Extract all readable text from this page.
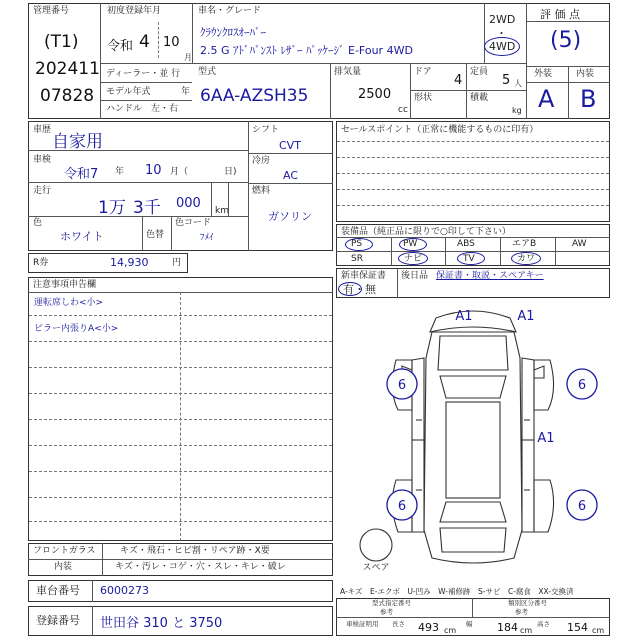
管理番号
(T1)
202411
07828
初度登録年月
令和 4 10
月
ディーラー・並 行
モデル年式	年
ハンドル　左・右
車名・グレード
ｸﾗｳﾝｸﾛｽｵｰﾊﾞｰ
2.5 G ｱﾄﾞﾊﾞﾝｽﾄ ﾚｻﾞｰ ﾊﾟｯｹｰｼﾞ E-Four 4WD
2WD
・
4WD
評 価 点
(5)
外装	内装
A B
型式
6AA-AZSH35
排気量
2500
cc
ドア
4
形状
定員
5 人
積載
kg
車歴
自家用
車検
令和7 年 10 月（	日)
走行
1万 3千 000 km
色
ホワイト	色替
色コード
ﾌﾒｲ
シフト
CVT
冷房
AC
燃料
ガソリン
R券	14,930	円
セールスポイント（正常に機能するものに印有）
装備品（純正品に限りで○印して下さい）
PS	PW	ABS	エアB	AW
SR	ナビ	TV	カワ
新車保証書
有・無
後日品 保証書・取説・スペアキー
注意事項申告欄
運転席しわ<小>
ピラー内張りA<小>
フロントガラス	キズ・飛石・ヒビ割・リペア跡・X要
内装	キズ・汚レ・コゲ・穴・スレ・キレ・破レ
車台番号 6000273
登録番号 世田谷 310 と 3750
A1	A1
6	6
6	6
A1
スペア
A-キズ　E-エクボ　U-凹み　W-補修跡　S-サビ　C-腐食　XX-交換済
型式指定番号
参考
類別区分番号
参考
車検証明用 長さ 493 cm
幅 184 cm
高さ 154 cm
